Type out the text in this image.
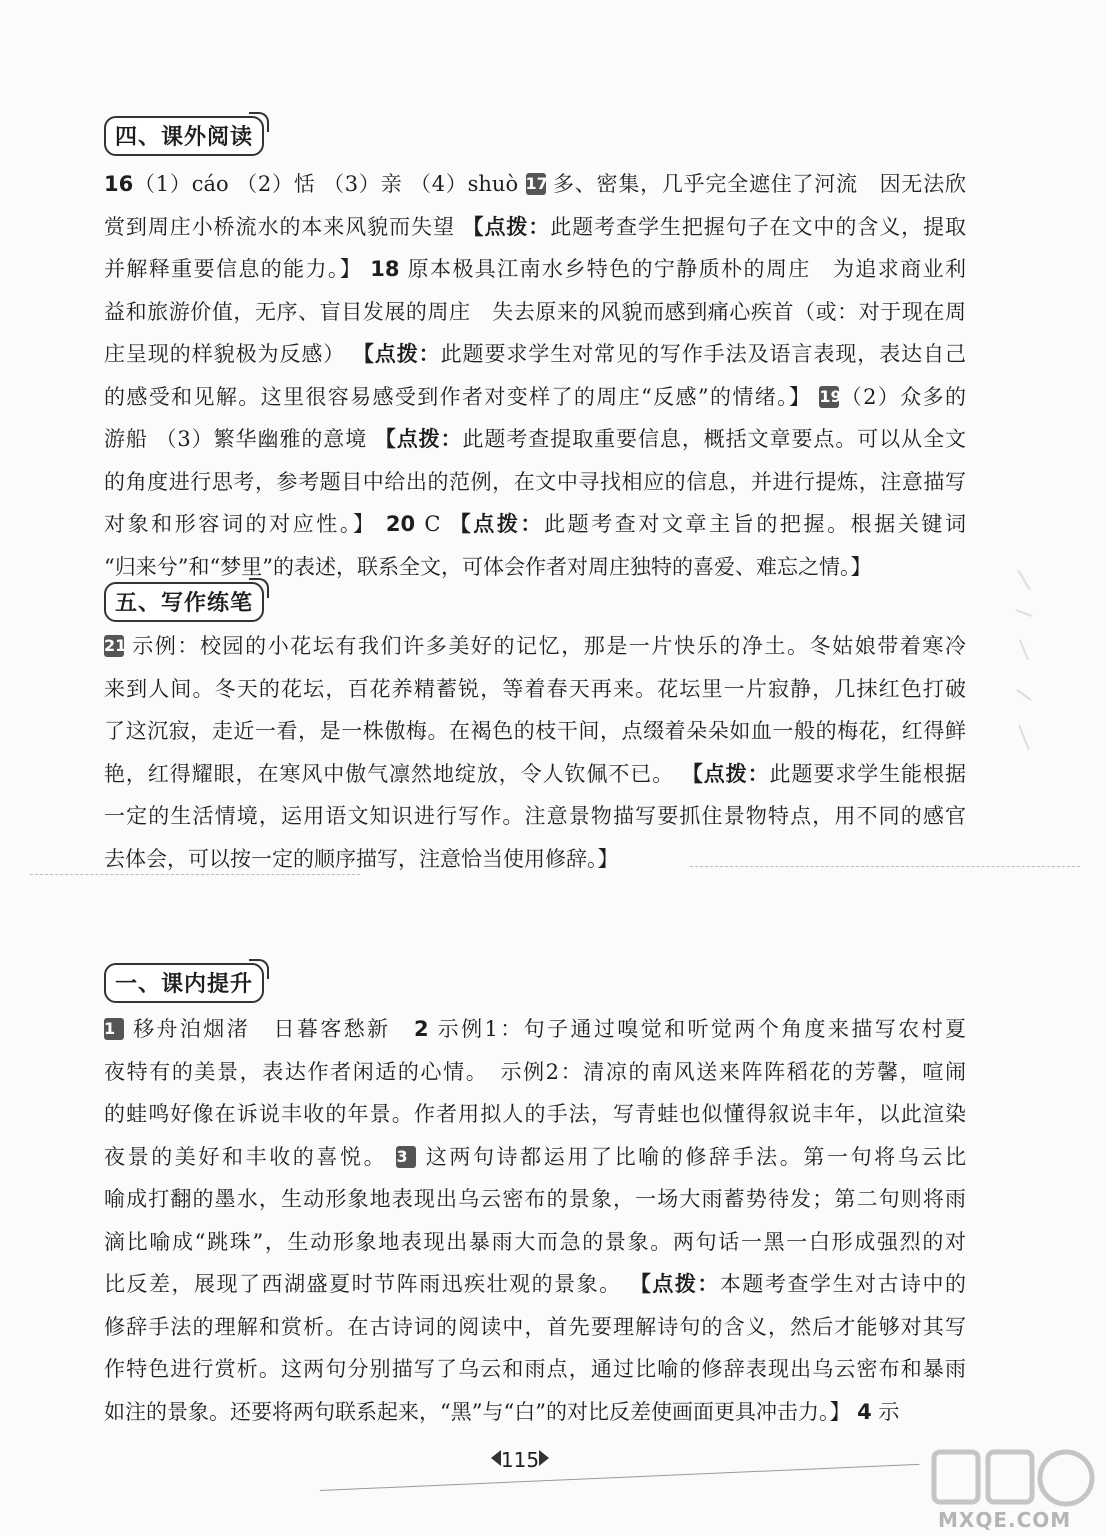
四、课外阅读
16（1）cáo （2）恬 （3）亲 （4）shuò 17 多、密集，几乎完全遮住了河流　因无法欣
赏到周庄小桥流水的本来风貌而失望 【点拨：此题考查学生把握句子在文中的含义，提取
并解释重要信息的能力。】 18 原本极具江南水乡特色的宁静质朴的周庄　为追求商业利
益和旅游价值，无序、盲目发展的周庄　失去原来的风貌而感到痛心疾首（或：对于现在周
庄呈现的样貌极为反感） 【点拨：此题要求学生对常见的写作手法及语言表现，表达自己
的感受和见解。这里很容易感受到作者对变样了的周庄“反感”的情绪。】 19（2）众多的
游船 （3）繁华幽雅的意境 【点拨：此题考查提取重要信息，概括文章要点。可以从全文
的角度进行思考，参考题目中给出的范例，在文中寻找相应的信息，并进行提炼，注意描写
对象和形容词的对应性。】 20 C 【点拨：此题考查对文章主旨的把握。根据关键词
“归来兮”和“梦里”的表述，联系全文，可体会作者对周庄独特的喜爱、难忘之情。】
五、写作练笔
21 示例：校园的小花坛有我们许多美好的记忆，那是一片快乐的净土。冬姑娘带着寒冷
来到人间。冬天的花坛，百花养精蓄锐，等着春天再来。花坛里一片寂静，几抹红色打破
了这沉寂，走近一看，是一株傲梅。在褐色的枝干间，点缀着朵朵如血一般的梅花，红得鲜
艳，红得耀眼，在寒风中傲气凛然地绽放，令人钦佩不已。 【点拨：此题要求学生能根据
一定的生活情境，运用语文知识进行写作。注意景物描写要抓住景物特点，用不同的感官
去体会，可以按一定的顺序描写，注意恰当使用修辞。】
一、课内提升
1 移舟泊烟渚　日暮客愁新　2 示例1：句子通过嗅觉和听觉两个角度来描写农村夏
夜特有的美景，表达作者闲适的心情。　示例2：清凉的南风送来阵阵稻花的芳馨，喧闹
的蛙鸣好像在诉说丰收的年景。作者用拟人的手法，写青蛙也似懂得叙说丰年，以此渲染
夜景的美好和丰收的喜悦。 3 这两句诗都运用了比喻的修辞手法。第一句将乌云比
喻成打翻的墨水，生动形象地表现出乌云密布的景象，一场大雨蓄势待发；第二句则将雨
滴比喻成“跳珠”，生动形象地表现出暴雨大而急的景象。两句话一黑一白形成强烈的对
比反差，展现了西湖盛夏时节阵雨迅疾壮观的景象。 【点拨：本题考查学生对古诗中的
修辞手法的理解和赏析。在古诗词的阅读中，首先要理解诗句的含义，然后才能够对其写
作特色进行赏析。这两句分别描写了乌云和雨点，通过比喻的修辞表现出乌云密布和暴雨
如注的景象。还要将两句联系起来，“黑”与“白”的对比反差使画面更具冲击力。】 4 示
115
MXQE.COM
